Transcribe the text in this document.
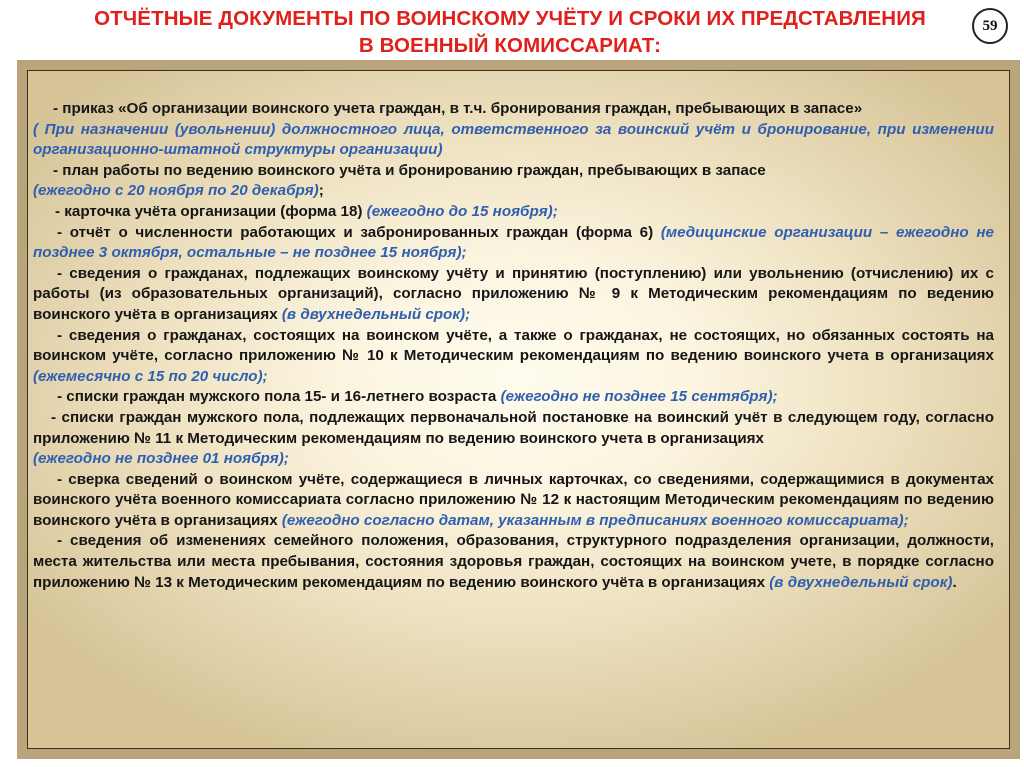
ОТЧЁТНЫЕ ДОКУМЕНТЫ ПО ВОИНСКОМУ УЧЁТУ И СРОКИ ИХ ПРЕДСТАВЛЕНИЯ
В ВОЕННЫЙ КОМИССАРИАТ:
59

- приказ «Об организации воинского учета граждан, в т.ч. бронирования граждан, пребывающих в запасе»
( При назначении (увольнении) должностного лица, ответственного за воинский учёт и бронирование, при изменении организационно-штатной структуры организации)

- план работы по ведению воинского учёта и бронированию граждан, пребывающих в запасе
(ежегодно с 20 ноября по 20 декабря);

- карточка учёта организации (форма 18) (ежегодно до 15 ноября);

- отчёт о численности работающих и забронированных граждан (форма 6) (медицинские организации – ежегодно не позднее 3 октября, остальные – не позднее 15 ноября);

- сведения о гражданах, подлежащих воинскому учёту и принятию (поступлению) или увольнению (отчислению) их с работы (из образовательных организаций), согласно приложению № 9 к Методическим рекомендациям по ведению воинского учёта в организациях (в двухнедельный срок);

- сведения о гражданах, состоящих на воинском учёте, а также о гражданах, не состоящих, но обязанных состоять на воинском учёте, согласно приложению № 10 к Методическим рекомендациям по ведению воинского учета в организациях (ежемесячно с 15 по 20 число);

- списки граждан мужского пола 15- и 16-летнего возраста (ежегодно не позднее 15 сентября);

- списки граждан мужского пола, подлежащих первоначальной постановке на воинский учёт в следующем году, согласно приложению № 11 к Методическим рекомендациям по ведению воинского учета в организациях
(ежегодно не позднее 01 ноября);

- сверка сведений о воинском учёте, содержащиеся в личных карточках, со сведениями, содержащимися в документах воинского учёта военного комиссариата согласно приложению № 12 к настоящим Методическим рекомендациям по ведению воинского учёта в организациях (ежегодно согласно датам, указанным в предписаниях военного комиссариата);

- сведения об изменениях семейного положения, образования, структурного подразделения организации, должности, места жительства или места пребывания, состояния здоровья граждан, состоящих на воинском учете, в порядке согласно приложению № 13 к Методическим рекомендациям по ведению воинского учёта в организациях (в двухнедельный срок).
